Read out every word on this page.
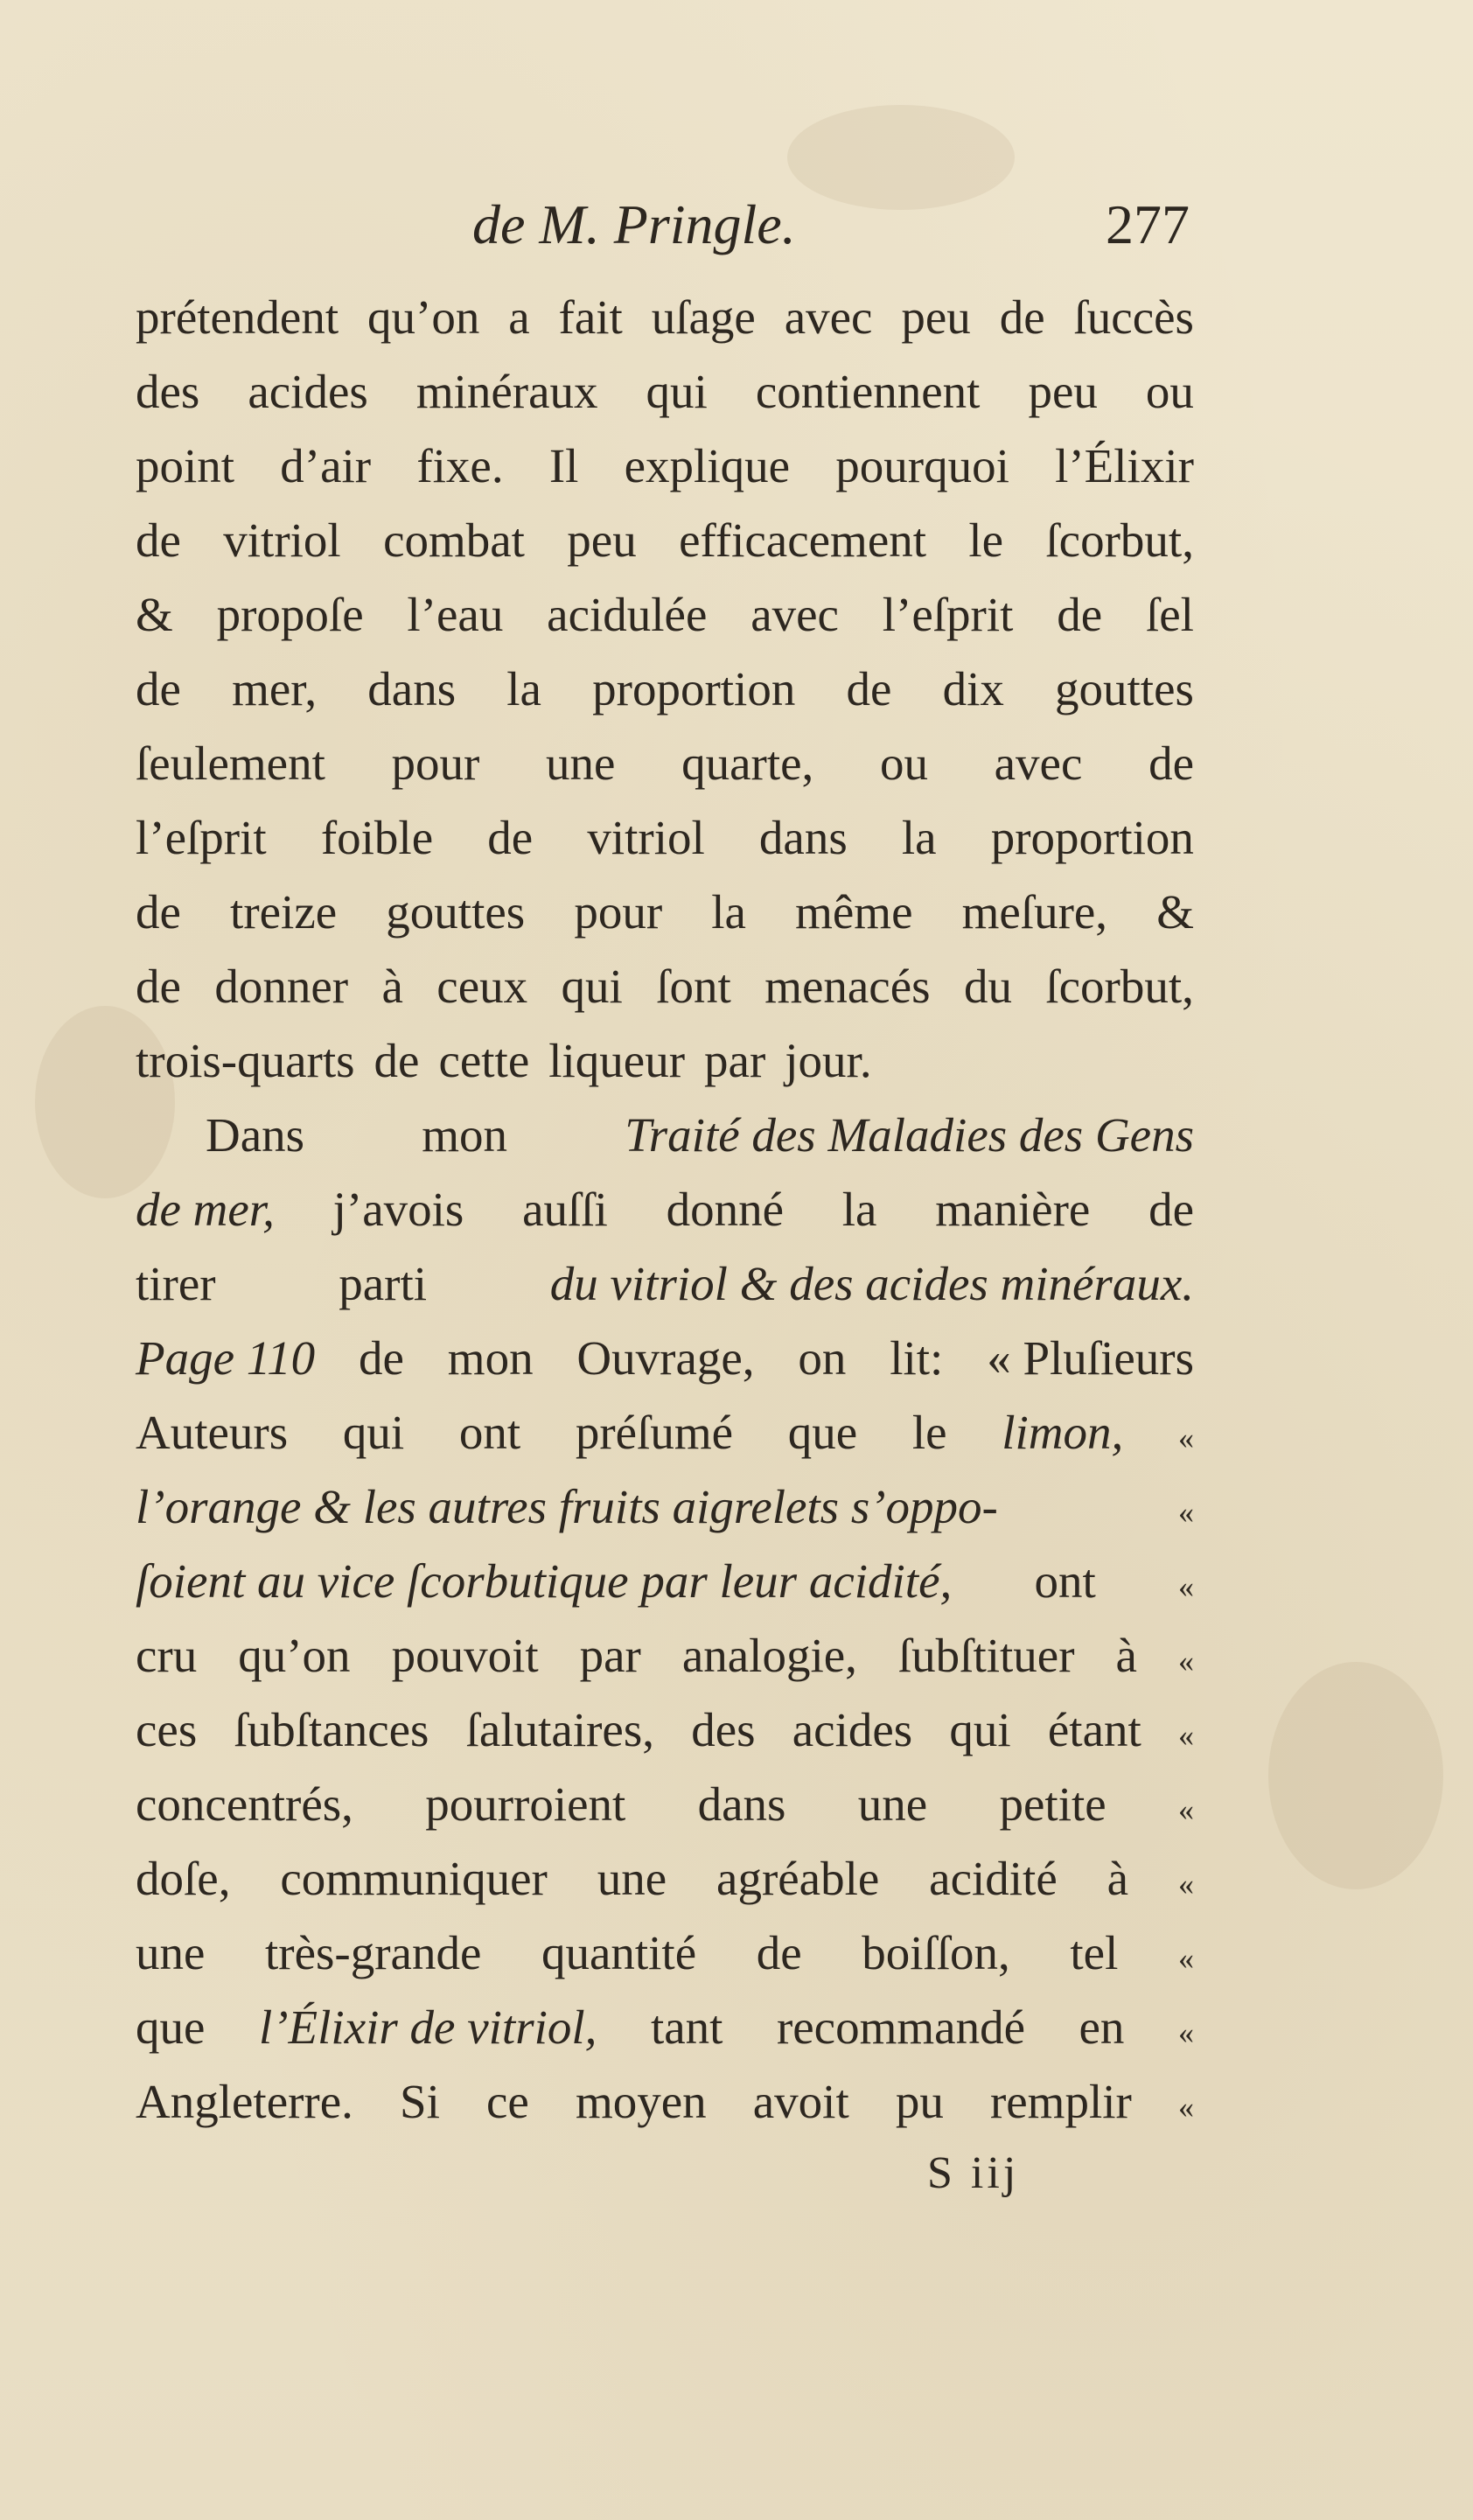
de M. Pringle.	277
prétendent qu’on a fait uſage avec peu de ſuccès
des acides minéraux qui contiennent peu ou
point d’air fixe. Il explique pourquoi l’Élixir
de vitriol combat peu efficacement le ſcorbut,
& propoſe l’eau acidulée avec l’eſprit de ſel
de mer, dans la proportion de dix gouttes
ſeulement pour une quarte, ou avec de
l’eſprit foible de vitriol dans la proportion
de treize gouttes pour la même meſure, &
de donner à ceux qui ſont menacés du ſcorbut,
trois-quarts de cette liqueur par jour.
Dans mon Traité des Maladies des Gens
de mer, j’avois auſſi donné la manière de
tirer	parti	du vitriol & des acides minéraux.
Page 110 de mon Ouvrage, on lit: « Pluſieurs
Auteurs qui ont préſumé que le limon, «
l’orange & les autres fruits aigrelets s’oppo-	«
ſoient au vice ſcorbutique par leur acidité, ont	«
cru qu’on pouvoit par analogie, ſubſtituer à «
ces ſubſtances ſalutaires, des acides qui étant «
concentrés, pourroient dans une petite «
doſe, communiquer une agréable acidité à «
une très-grande quantité de boiſſon, tel «
que l’Élixir de vitriol, tant recommandé en «
Angleterre. Si ce moyen avoit pu remplir «
S iij
